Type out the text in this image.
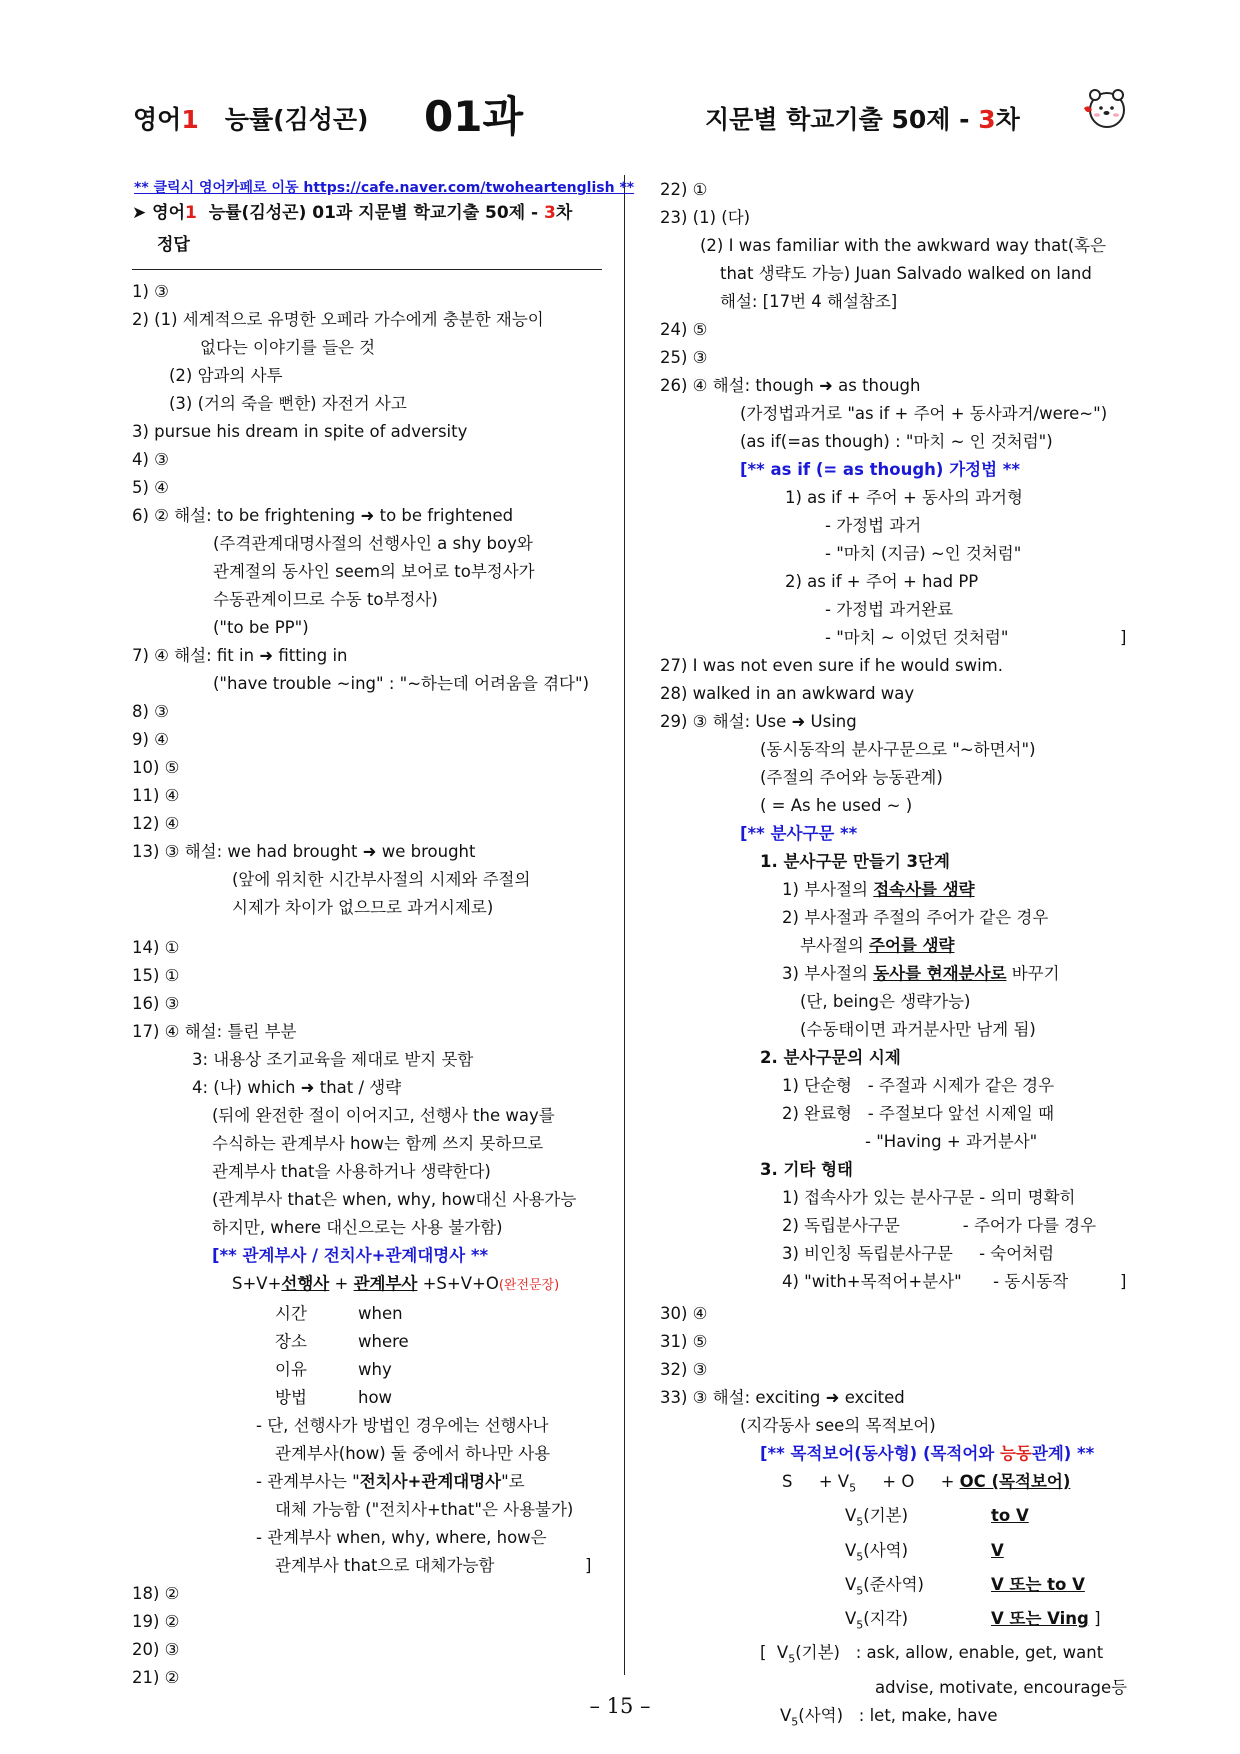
영어1 능률(김성곤) 01과	지문별 학교기출 50제 - 3차
** 클릭시 영어카페로 이동 https://cafe.naver.com/twoheartenglish **
➤ 영어1 능률(김성곤) 01과 지문별 학교기출 50제 - 3차
정답
1) ③
2) (1) 세계적으로 유명한 오페라 가수에게 충분한 재능이
없다는 이야기를 들은 것
(2) 암과의 사투
(3) (거의 죽을 뻔한) 자전거 사고
3) pursue his dream in spite of adversity
4) ③
5) ④
6) ② 해설: to be frightening ➜ to be frightened
(주격관계대명사절의 선행사인 a shy boy와
관계절의 동사인 seem의 보어로 to부정사가
수동관계이므로 수동 to부정사)
("to be PP")
7) ④ 해설: fit in ➜ fitting in
("have trouble ~ing" : "~하는데 어려움을 겪다")
8) ③
9) ④
10) ⑤
11) ④
12) ④
13) ③ 해설: we had brought ➜ we brought
(앞에 위치한 시간부사절의 시제와 주절의
시제가 차이가 없으므로 과거시제로)
14) ①
15) ①
16) ③
17) ④ 해설: 틀린 부분
3: 내용상 조기교육을 제대로 받지 못함
4: (나) which ➜ that / 생략
(뒤에 완전한 절이 이어지고, 선행사 the way를
수식하는 관계부사 how는 함께 쓰지 못하므로
관계부사 that을 사용하거나 생략한다)
(관계부사 that은 when, why, how대신 사용가능
하지만, where 대신으로는 사용 불가함)
[** 관계부사 / 전치사+관계대명사 **
S+V+선행사 + 관계부사 +S+V+O(완전문장)
시간	when
장소	where
이유	why
방법	how
- 단, 선행사가 방법인 경우에는 선행사나
관계부사(how) 둘 중에서 하나만 사용
- 관계부사는 "전치사+관계대명사"로
대체 가능함 ("전치사+that"은 사용불가)
- 관계부사 when, why, where, how은
관계부사 that으로 대체가능함	]
18) ②
19) ②
20) ③
21) ②
22) ①
23) (1) (다)
(2) I was familiar with the awkward way that(혹은
that 생략도 가능) Juan Salvado walked on land
해설: [17번 4 해설참조]
24) ⑤
25) ③
26) ④ 해설: though ➜ as though
(가정법과거로 "as if + 주어 + 동사과거/were~")
(as if(=as though) : "마치 ~ 인 것처럼")
[** as if (= as though) 가정법 **
1) as if + 주어 + 동사의 과거형
- 가정법 과거
- "마치 (지금) ~인 것처럼"
2) as if + 주어 + had PP
- 가정법 과거완료
- "마치 ~ 이었던 것처럼"	]
27) I was not even sure if he would swim.
28) walked in an awkward way
29) ③ 해설: Use ➜ Using
(동시동작의 분사구문으로 "~하면서")
(주절의 주어와 능동관계)
( = As he used ~ )
[** 분사구문 **
1. 분사구문 만들기 3단계
1) 부사절의 접속사를 생략
2) 부사절과 주절의 주어가 같은 경우
부사절의 주어를 생략
3) 부사절의 동사를 현재분사로 바꾸기
(단, being은 생략가능)
(수동태이면 과거분사만 남게 됨)
2. 분사구문의 시제
1) 단순형   - 주절과 시제가 같은 경우
2) 완료형   - 주절보다 앞선 시제일 때
- "Having + 과거분사"
3. 기타 형태
1) 접속사가 있는 분사구문 - 의미 명확히
2) 독립분사구문            - 주어가 다를 경우
3) 비인칭 독립분사구문     - 숙어처럼
4) "with+목적어+분사"      - 동시동작	]
30) ④
31) ⑤
32) ③
33) ③ 해설: exciting ➜ excited
(지각동사 see의 목적보어)
[** 목적보어(동사형) (목적어와 능동관계) **
S     + $V_5$     + O     + OC (목적보어)
$V_5$(기본)	to V
$V_5$(사역)	V
$V_5$(준사역)	V 또는 to V
$V_5$(지각)	V 또는 Ving ]
[  $V_5$(기본)   : ask, allow, enable, get, want
advise, motivate, encourage등
$V_5$(사역)   : let, make, have
– 15 –
